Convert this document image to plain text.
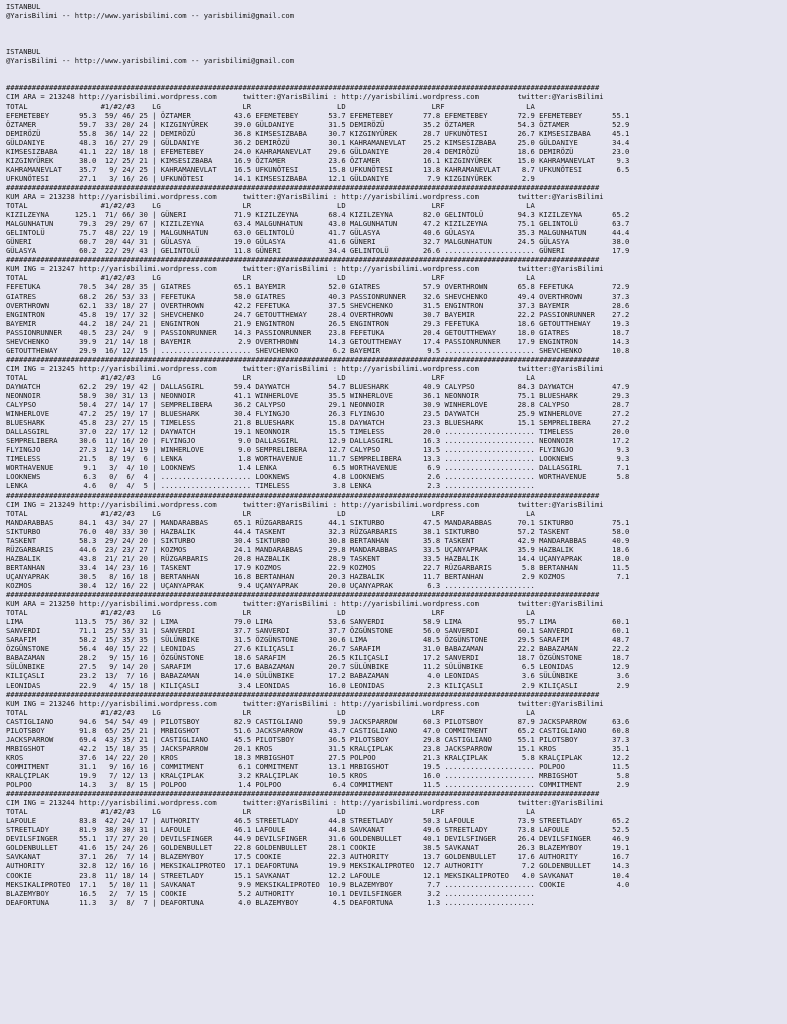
ISTANBUL
@YarisBilimi -- http://www.yarisbilimi.com -- yarisbilimi@gmail.com
ISTANBUL
@YarisBilimi -- http://www.yarisbilimi.com -- yarisbilimi@gmail.com
##########################################################################################################################################
CIM ARA = 213248 http://yarisbilimi.wordpress.com      twitter:@YarisBilimi : http://yarisbilimi.wordpress.com         twitter:@YarisBilimi
TOTAL                 #1/#2/#3    LG                   LR                    LD                    LRF                   LA
EFEMETEBEY       95.3  59/ 46/ 25 | ÖZTAMER          43.6 EFEMETEBEY       53.7 EFEMETEBEY       77.8 EFEMETEBEY       72.9 EFEMETEBEY       55.1
ÖZTAMER          59.7  33/ 20/ 24 | KIZGINYÜREK      39.0 GÜLDANIYE        31.5 DEMIRÖZÜ         35.2 ÖZTAMER          54.3 ÖZTAMER          52.9
DEMIRÖZÜ         55.8  36/ 14/ 22 | DEMIRÖZÜ         36.8 KIMSESIZBABA     30.7 KIZGINYÜREK      28.7 UFKUNÖTESI       26.7 KIMSESIZBABA     45.1
GÜLDANIYE        48.3  16/ 27/ 29 | GÜLDANIYE        36.2 DEMIRÖZÜ         30.1 KAHRAMANEVLAT    25.2 KIMSESIZBABA     25.0 GÜLDANIYE        34.4
KIMSESIZBABA     41.1  22/ 18/ 18 | EFEMETEBEY       24.0 KAHRAMANEVLAT    29.6 GÜLDANIYE        20.4 DEMIRÖZÜ         18.6 DEMIRÖZÜ         23.0
KIZGINYÜREK      38.0  12/ 25/ 21 | KIMSESIZBABA     16.9 ÖZTAMER          23.6 ÖZTAMER          16.1 KIZGINYÜREK      15.0 KAHRAMANEVLAT     9.3
KAHRAMANEVLAT    35.7   9/ 24/ 25 | KAHRAMANEVLAT    16.5 UFKUNÖTESI       15.8 UFKUNÖTESI       13.8 KAHRAMANEVLAT     8.7 UFKUNÖTESI        6.5
UFKUNÖTESI       27.1   3/ 16/ 26 | UFKUNÖTESI       14.1 KIMSESIZBABA     12.1 GÜLDANIYE         7.9 KIZGINYÜREK       2.9
##########################################################################################################################################
KUM ARA = 213238 http://yarisbilimi.wordpress.com      twitter:@YarisBilimi : http://yarisbilimi.wordpress.com         twitter:@YarisBilimi
TOTAL                 #1/#2/#3    LG                   LR                    LD                    LRF                   LA
KIZILZEYNA      125.1  71/ 66/ 30 | GÜNERI           71.9 KIZILZEYNA       68.4 KIZILZEYNA       82.0 GELINTOLÜ        94.3 KIZILZEYNA       65.2
MALGUNHATUN      79.3  29/ 29/ 67 | KIZILZEYNA       63.4 MALGUNHATUN      43.0 MALGUNHATUN      47.2 KIZILZEYNA       75.1 GELINTOLÜ        63.7
GELINTOLÜ        75.7  48/ 22/ 19 | MALGUNHATUN      63.0 GELINTOLÜ        41.7 GÜLASYA          40.6 GÜLASYA          35.3 MALGUNHATUN      44.4
GÜNERI           60.7  20/ 44/ 31 | GÜLASYA          19.0 GÜLASYA          41.6 GÜNERI           32.7 MALGUNHATUN      24.5 GÜLASYA          38.0
GÜLASYA          60.2  22/ 29/ 43 | GELINTOLÜ        11.8 GÜNERI           34.4 GELINTOLÜ        26.6 ..................... GÜNERI           17.9
##########################################################################################################################################
KUM ING = 213247 http://yarisbilimi.wordpress.com      twitter:@YarisBilimi : http://yarisbilimi.wordpress.com         twitter:@YarisBilimi
TOTAL                 #1/#2/#3    LG                   LR                    LD                    LRF                   LA
FEFETUKA         70.5  34/ 28/ 35 | GIATRES          65.1 BAYEMIR          52.0 GIATRES          57.9 OVERTHROWN       65.8 FEFETUKA         72.9
GIATRES          68.2  26/ 53/ 33 | FEFETUKA         58.0 GIATRES          40.3 PASSIONRUNNER    32.6 SHEVCHENKO       49.4 OVERTHROWN       37.3
OVERTHROWN       62.1  33/ 18/ 27 | OVERTHROWN       42.2 FEFETUKA         37.5 SHEVCHENKO       31.5 ENGINTRON        37.3 BAYEMIR          28.6
ENGINTRON        45.8  19/ 17/ 32 | SHEVCHENKO       24.7 GETOUTTHEWAY     28.4 OVERTHROWN       30.7 BAYEMIR          22.2 PASSIONRUNNER    27.2
BAYEMIR          44.2  18/ 24/ 21 | ENGINTRON        21.9 ENGINTRON        26.5 ENGINTRON        29.3 FEFETUKA         18.6 GETOUTTHEWAY     19.3
PASSIONRUNNER    40.5  23/ 24/  9 | PASSIONRUNNER    14.3 PASSIONRUNNER    23.8 FEFETUKA         20.4 GETOUTTHEWAY     18.0 GIATRES          18.7
SHEVCHENKO       39.9  21/ 14/ 18 | BAYEMIR           2.9 OVERTHROWN       14.3 GETOUTTHEWAY     17.4 PASSIONRUNNER    17.9 ENGINTRON        14.3
GETOUTTHEWAY     29.9  16/ 12/ 15 | ..................... SHEVCHENKO        6.2 BAYEMIR           9.5 ..................... SHEVCHENKO       10.8
##########################################################################################################################################
CIM ING = 213245 http://yarisbilimi.wordpress.com      twitter:@YarisBilimi : http://yarisbilimi.wordpress.com         twitter:@YarisBilimi
TOTAL                 #1/#2/#3    LG                   LR                    LD                    LRF                   LA
DAYWATCH         62.2  29/ 19/ 42 | DALLASGIRL       59.4 DAYWATCH         54.7 BLUESHARK        40.9 CALYPSO          84.3 DAYWATCH         47.9
NEONNOIR         58.9  30/ 31/ 13 | NEONNOIR         41.1 WINHERLOVE       35.5 WINHERLOVE       36.1 NEONNOIR         75.1 BLUESHARK        29.3
CALYPSO          50.4  27/ 14/ 17 | SEMPRELIBERA     36.2 CALYPSO          29.1 NEONNOIR         30.9 WINHERLOVE       28.8 CALYPSO          28.7
WINHERLOVE       47.2  25/ 19/ 17 | BLUESHARK        30.4 FLYINGJO         26.3 FLYINGJO         23.5 DAYWATCH         25.9 WINHERLOVE       27.2
BLUESHARK        45.8  23/ 27/ 15 | TIMELESS         21.8 BLUESHARK        15.8 DAYWATCH         23.3 BLUESHARK        15.1 SEMPRELIBERA     27.2
DALLASGIRL       37.0  22/ 17/ 12 | DAYWATCH         19.1 NEONNOIR         15.5 TIMELESS         20.0 ..................... TIMELESS         20.0
SEMPRELIBERA     30.6  11/ 16/ 20 | FLYINGJO          9.0 DALLASGIRL       12.9 DALLASGIRL       16.3 ..................... NEONNOIR         17.2
FLYINGJO         27.3  12/ 14/ 19 | WINHERLOVE        9.0 SEMPRELIBERA     12.7 CALYPSO          13.5 ..................... FLYINGJO          9.3
TIMELESS         21.5   8/ 19/  6 | LENKA             1.8 WORTHAVENUE      11.7 SEMPRELIBERA     13.3 ..................... LOOKNEWS          9.3
WORTHAVENUE       9.1   3/  4/ 10 | LOOKNEWS          1.4 LENKA             6.5 WORTHAVENUE       6.9 ..................... DALLASGIRL        7.1
LOOKNEWS          6.3   0/  6/  4 | ..................... LOOKNEWS          4.8 LOOKNEWS          2.6 ..................... WORTHAVENUE       5.8
LENKA             4.6   0/  4/  5 | ..................... TIMELESS          3.8 LENKA             2.3 .....................
##########################################################################################################################################
CIM ING = 213249 http://yarisbilimi.wordpress.com      twitter:@YarisBilimi : http://yarisbilimi.wordpress.com         twitter:@YarisBilimi
TOTAL                 #1/#2/#3    LG                   LR                    LD                    LRF                   LA
MANDARABBAS      84.1  43/ 34/ 27 | MANDARABBAS      65.1 RÜZGARBARIS      44.1 SIKTURBO         47.5 MANDARABBAS      70.1 SIKTURBO         75.1
SIKTURBO         76.0  40/ 33/ 30 | HAZBALIK         44.4 TASKENT          32.3 RÜZGARBARIS      38.1 SIKTURBO         57.2 TASKENT          58.0
TASKENT          58.3  29/ 24/ 20 | SIKTURBO         30.4 SIKTURBO         30.8 BERTANHAN        35.8 TASKENT          42.9 MANDARABBAS      40.9
RÜZGARBARIS      44.6  23/ 23/ 27 | KOZMOS           24.1 MANDARABBAS      29.8 MANDARABBAS      33.5 UÇANYAPRAK       35.9 HAZBALIK         18.6
HAZBALIK         43.8  21/ 21/ 20 | RÜZGARBARIS      20.8 HAZBALIK         28.9 TASKENT          33.5 HAZBALIK         14.4 UÇANYAPRAK       18.0
BERTANHAN        33.4  14/ 23/ 16 | TASKENT          17.9 KOZMOS           22.9 KOZMOS           22.7 RÜZGARBARIS       5.8 BERTANHAN        11.5
UÇANYAPRAK       30.5   8/ 16/ 18 | BERTANHAN        16.8 BERTANHAN        20.3 HAZBALIK         11.7 BERTANHAN         2.9 KOZMOS            7.1
KOZMOS           30.4  12/ 16/ 22 | UÇANYAPRAK        9.4 UÇANYAPRAK       20.0 UÇANYAPRAK        6.3 .....................
##########################################################################################################################################
KUM ARA = 213250 http://yarisbilimi.wordpress.com      twitter:@YarisBilimi : http://yarisbilimi.wordpress.com         twitter:@YarisBilimi
TOTAL                 #1/#2/#3    LG                   LR                    LD                    LRF                   LA
LIMA            113.5  75/ 36/ 32 | LIMA             79.0 LIMA             53.6 SANVERDI         58.9 LIMA             95.7 LIMA             60.1
SANVERDI         71.1  25/ 53/ 31 | SANVERDI         37.7 SANVERDI         37.7 ÖZGÜNSTONE       56.0 SANVERDI         60.1 SANVERDI         60.1
SARAFIM          58.2  15/ 35/ 35 | SÜLÜNBIKE        31.5 ÖZGÜNSTONE       30.6 LIMA             48.5 ÖZGÜNSTONE       29.5 SARAFIM          48.7
ÖZGÜNSTONE       56.4  40/ 15/ 22 | LEONIDAS         27.6 KILIÇASLI        26.7 SARAFIM          31.0 BABAZAMAN        22.2 BABAZAMAN        22.2
BABAZAMAN        28.2   9/ 15/ 16 | ÖZGÜNSTONE       18.6 SARAFIM          26.5 KILIÇASLI        17.2 SANVERDI         18.7 ÖZGÜNSTONE       18.7
SÜLÜNBIKE        27.5   9/ 14/ 20 | SARAFIM          17.6 BABAZAMAN        20.7 SÜLÜNBIKE        11.2 SÜLÜNBIKE         6.5 LEONIDAS         12.9
KILIÇASLI        23.2  13/  7/ 16 | BABAZAMAN        14.0 SÜLÜNBIKE        17.2 BABAZAMAN         4.0 LEONIDAS          3.6 SÜLÜNBIKE         3.6
LEONIDAS         22.9   4/ 15/ 18 | KILIÇASLI         3.4 LEONIDAS         16.0 LEONIDAS          2.3 KILIÇASLI         2.9 KILIÇASLI         2.9
##########################################################################################################################################
KUM ING = 213246 http://yarisbilimi.wordpress.com      twitter:@YarisBilimi : http://yarisbilimi.wordpress.com         twitter:@YarisBilimi
TOTAL                 #1/#2/#3    LG                   LR                    LD                    LRF                   LA
CASTIGLIANO      94.6  54/ 54/ 49 | PILOTSBOY        82.9 CASTIGLIANO      59.9 JACKSPARROW      60.3 PILOTSBOY        87.9 JACKSPARROW      63.6
PILOTSBOY        91.8  65/ 25/ 21 | MRBIGSHOT        51.6 JACKSPARROW      43.7 CASTIGLIANO      47.0 COMMITMENT       65.2 CASTIGLIANO      60.8
JACKSPARROW      69.4  43/ 35/ 21 | CASTIGLIANO      45.5 PILOTSBOY        36.5 PILOTSBOY        29.8 CASTIGLIANO      55.1 PILOTSBOY        37.3
MRBIGSHOT        42.2  15/ 18/ 35 | JACKSPARROW      20.1 KROS             31.5 KRALÇIPLAK       23.8 JACKSPARROW      15.1 KROS             35.1
KROS             37.6  14/ 22/ 20 | KROS             18.3 MRBIGSHOT        27.5 POLPOO           21.3 KRALÇIPLAK        5.8 KRALÇIPLAK       12.2
COMMITMENT       31.1   9/ 16/ 16 | COMMITMENT        6.1 COMMITMENT       13.1 MRBIGSHOT        19.5 ..................... POLPOO           11.5
KRALÇIPLAK       19.9   7/ 12/ 13 | KRALÇIPLAK        3.2 KRALÇIPLAK       10.5 KROS             16.0 ..................... MRBIGSHOT         5.8
POLPOO           14.3   3/  8/ 15 | POLPOO            1.4 POLPOO            6.4 COMMITMENT       11.5 ..................... COMMITMENT        2.9
##########################################################################################################################################
CIM ING = 213244 http://yarisbilimi.wordpress.com      twitter:@YarisBilimi : http://yarisbilimi.wordpress.com         twitter:@YarisBilimi
TOTAL                 #1/#2/#3    LG                   LR                    LD                    LRF                   LA
LAFOULE          83.8  42/ 24/ 17 | AUTHORITY        46.5 STREETLADY       44.8 STREETLADY       50.3 LAFOULE          73.9 STREETLADY       65.2
STREETLADY       81.9  38/ 30/ 31 | LAFOULE          46.1 LAFOULE          44.8 SAVKANAT         49.6 STREETLADY       73.8 LAFOULE          52.5
DEVILSFINGER     55.1  17/ 27/ 20 | DEVILSFINGER     44.9 DEVILSFINGER     31.6 GOLDENBULLET     40.1 DEVILSFINGER     26.4 DEVILSFINGER     46.9
GOLDENBULLET     41.6  15/ 24/ 26 | GOLDENBULLET     22.8 GOLDENBULLET     28.1 COOKIE           38.5 SAVKANAT         26.3 BLAZEMYBOY       19.1
SAVKANAT         37.1  26/  7/ 14 | BLAZEMYBOY       17.5 COOKIE           22.3 AUTHORITY        13.7 GOLDENBULLET     17.6 AUTHORITY        16.7
AUTHORITY        32.8  12/ 16/ 16 | MEKSIKALIPROTEO  17.1 DEAFORTUNA       19.9 MEKSIKALIPROTEO  12.7 AUTHORITY         7.2 GOLDENBULLET     14.3
COOKIE           23.8  11/ 18/ 14 | STREETLADY       15.1 SAVKANAT         12.2 LAFOULE          12.1 MEKSIKALIPROTEO   4.0 SAVKANAT         10.4
MEKSIKALIPROTEO  17.1   5/ 10/ 11 | SAVKANAT          9.9 MEKSIKALIPROTEO  10.9 BLAZEMYBOY        7.7 ..................... COOKIE            4.0
BLAZEMYBOY       16.5   2/  7/ 15 | COOKIE            5.2 AUTHORITY        10.1 DEVILSFINGER      3.2 .....................
DEAFORTUNA       11.3   3/  8/  7 | DEAFORTUNA        4.0 BLAZEMYBOY        4.5 DEAFORTUNA        1.3 .....................
